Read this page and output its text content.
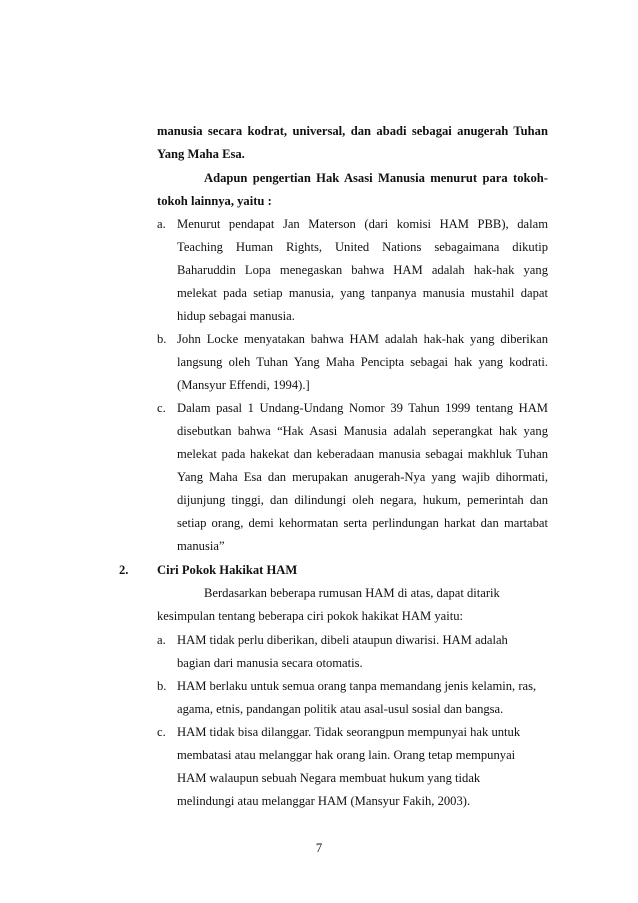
manusia secara kodrat, universal, dan abadi sebagai anugerah Tuhan

Yang Maha Esa.

Adapun pengertian Hak Asasi Manusia menurut para tokoh-

tokoh lainnya, yaitu :

a. Menurut pendapat Jan Materson (dari komisi HAM PBB), dalam

Teaching Human Rights, United Nations sebagaimana dikutip

Baharuddin Lopa menegaskan bahwa HAM adalah hak-hak yang

melekat pada setiap manusia, yang tanpanya manusia mustahil dapat

hidup sebagai manusia.

b. John Locke menyatakan bahwa HAM adalah hak-hak yang diberikan

langsung oleh Tuhan Yang Maha Pencipta sebagai hak yang kodrati.

(Mansyur Effendi, 1994).]

c. Dalam pasal 1 Undang-Undang Nomor 39 Tahun 1999 tentang HAM

disebutkan bahwa “Hak Asasi Manusia adalah seperangkat hak yang

melekat pada hakekat dan keberadaan manusia sebagai makhluk Tuhan

Yang Maha Esa dan merupakan anugerah-Nya yang wajib dihormati,

dijunjung tinggi, dan dilindungi oleh negara, hukum, pemerintah dan

setiap orang, demi kehormatan serta perlindungan harkat dan martabat

manusia”

2. Ciri Pokok Hakikat HAM

Berdasarkan beberapa rumusan HAM di atas, dapat ditarik

kesimpulan tentang beberapa ciri pokok hakikat HAM yaitu:

a. HAM tidak perlu diberikan, dibeli ataupun diwarisi. HAM adalah

bagian dari manusia secara otomatis.

b. HAM berlaku untuk semua orang tanpa memandang jenis kelamin, ras,

agama, etnis, pandangan politik atau asal-usul sosial dan bangsa.

c. HAM tidak bisa dilanggar. Tidak seorangpun mempunyai hak untuk

membatasi atau melanggar hak orang lain. Orang tetap mempunyai

HAM walaupun sebuah Negara membuat hukum yang tidak

melindungi atau melanggar HAM (Mansyur Fakih, 2003).

7
